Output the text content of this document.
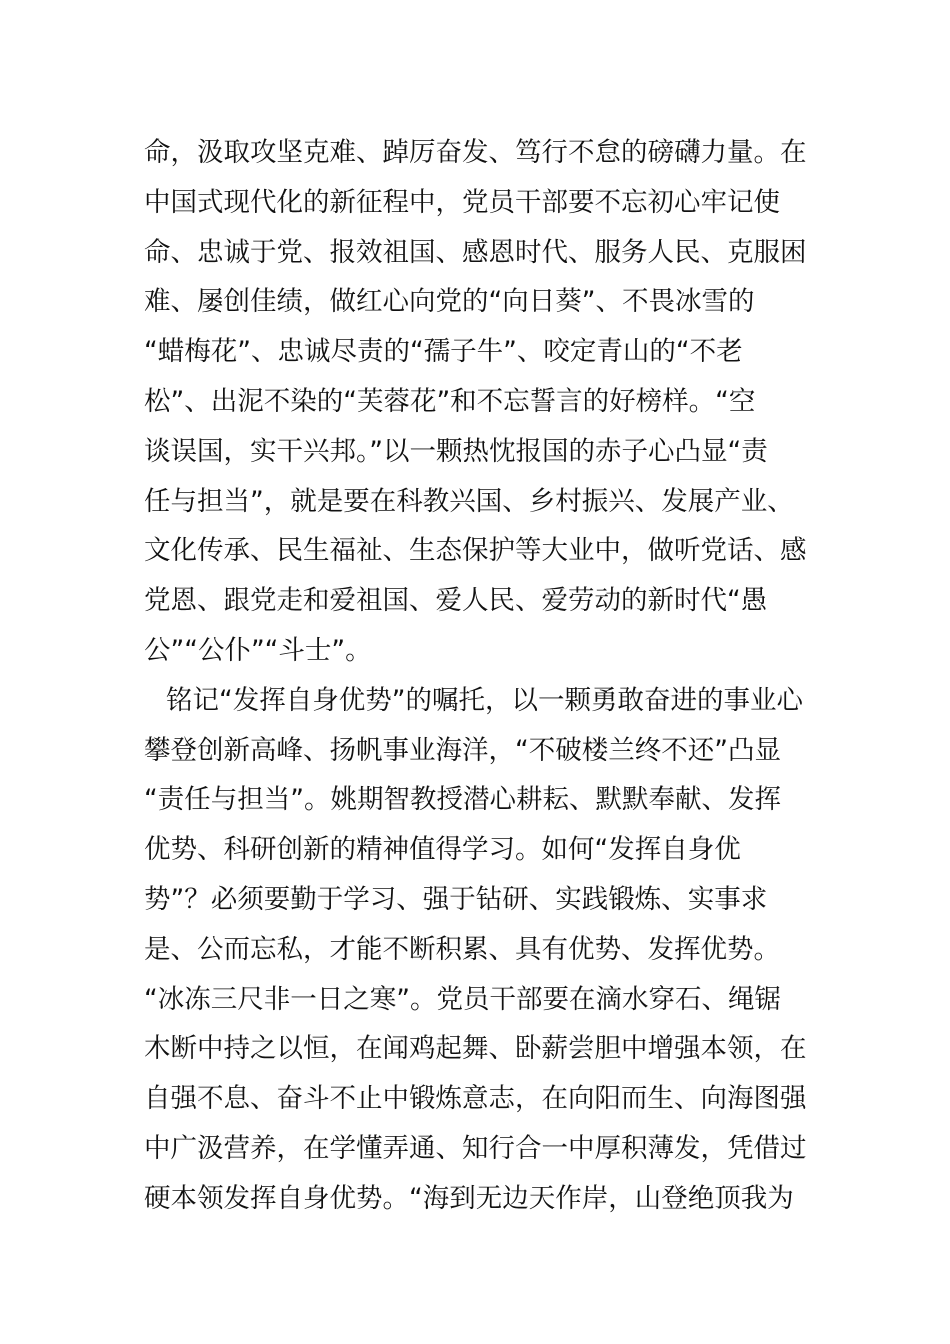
命，汲取攻坚克难、踔厉奋发、笃行不怠的磅礴力量。在
中国式现代化的新征程中，党员干部要不忘初心牢记使
命、忠诚于党、报效祖国、感恩时代、服务人民、克服困
难、屡创佳绩，做红心向党的“向日葵”、不畏冰雪的
“蜡梅花”、忠诚尽责的“孺子牛”、咬定青山的“不老
松”、出泥不染的“芙蓉花”和不忘誓言的好榜样。“空
谈误国，实干兴邦。”以一颗热忱报国的赤子心凸显“责
任与担当”，就是要在科教兴国、乡村振兴、发展产业、
文化传承、民生福祉、生态保护等大业中，做听党话、感
党恩、跟党走和爱祖国、爱人民、爱劳动的新时代“愚
公”“公仆”“斗士”。
铭记“发挥自身优势”的嘱托，以一颗勇敢奋进的事业心
攀登创新高峰、扬帆事业海洋，“不破楼兰终不还”凸显
“责任与担当”。姚期智教授潜心耕耘、默默奉献、发挥
优势、科研创新的精神值得学习。如何“发挥自身优
势”？必须要勤于学习、强于钻研、实践锻炼、实事求
是、公而忘私，才能不断积累、具有优势、发挥优势。
“冰冻三尺非一日之寒”。党员干部要在滴水穿石、绳锯
木断中持之以恒，在闻鸡起舞、卧薪尝胆中增强本领，在
自强不息、奋斗不止中锻炼意志，在向阳而生、向海图强
中广汲营养，在学懂弄通、知行合一中厚积薄发，凭借过
硬本领发挥自身优势。“海到无边天作岸，山登绝顶我为
